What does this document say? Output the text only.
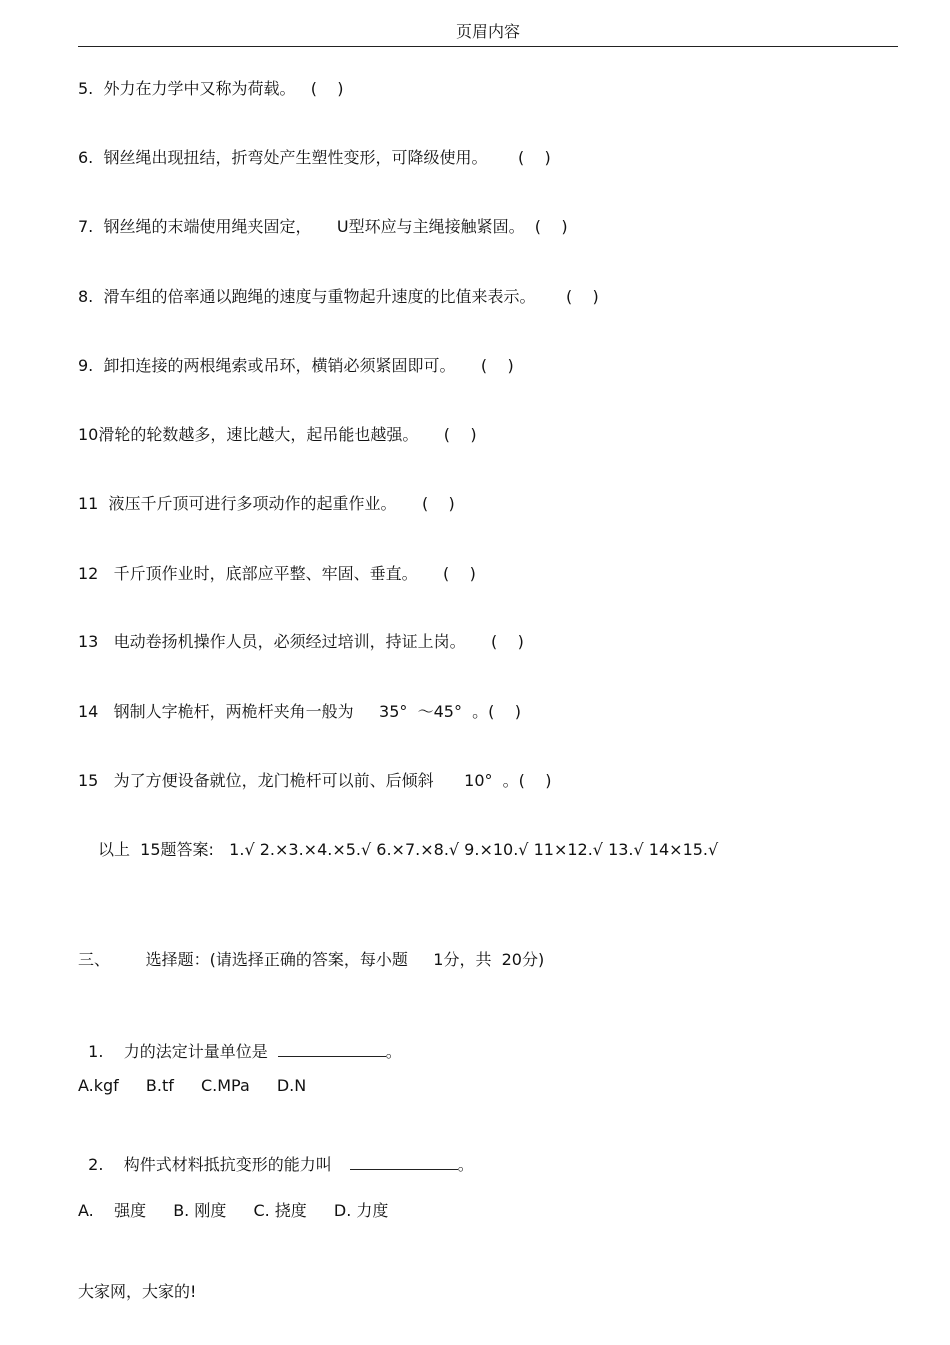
页眉内容
5.  外力在力学中又称为荷载。   (    )
6.  钢丝绳出现扭结，折弯处产生塑性变形，可降级使用。      (    )
7.  钢丝绳的末端使用绳夹固定，     U型环应与主绳接触紧固。  (    )
8.  滑车组的倍率通以跑绳的速度与重物起升速度的比值来表示。      (    )
9.  卸扣连接的两根绳索或吊环，横销必须紧固即可。     (    )
10滑轮的轮数越多，速比越大，起吊能也越强。     (    )
11  液压千斤顶可进行多项动作的起重作业。     (    )
12   千斤顶作业时，底部应平整、牢固、垂直。     (    )
13   电动卷扬机操作人员，必须经过培训，持证上岗。     (    )
14   钢制人字桅杆，两桅杆夹角一般为     35°  ～45°  。(    )
15   为了方便设备就位，龙门桅杆可以前、后倾斜      10°  。(    )
以上  15题答案:   1.√ 2.×3.×4.×5.√ 6.×7.×8.√ 9.×10.√ 11×12.√ 13.√ 14×15.√
三、       选择题：(请选择正确的答案，每小题     1分，共  20分)

1.    力的法定计量单位是	。

A.kgf B.tf C.MPa D.N

2.    构件式材料抵抗变形的能力叫	。

A.    强度 B. 刚度 C. 挠度 D. 力度
大家网，大家的!
